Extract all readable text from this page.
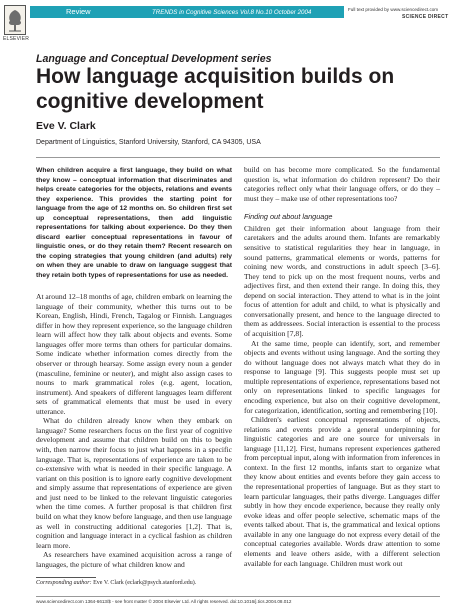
ELSEVIER
Review	TRENDS in Cognitive Sciences Vol.8 No.10 October 2004	Full text provided by www.sciencedirect.com
SCIENCE DIRECT
Language and Conceptual Development series
How language acquisition builds on cognitive development
Eve V. Clark
Department of Linguistics, Stanford University, Stanford, CA 94305, USA
When children acquire a first language, they build on what they know – conceptual information that discriminates and helps create categories for the objects, relations and events they experience. This provides the starting point for language from the age of 12 months on. So children first set up conceptual representations, then add linguistic representations for talking about experience. Do they then discard earlier conceptual representations in favour of linguistic ones, or do they retain them? Recent research on the coping strategies that young children (and adults) rely on when they are unable to draw on language suggest that they retain both types of representations for use as needed.

At around 12–18 months of age, children embark on learning the language of their community, whether this turns out to be Korean, English, Hindi, French, Tagalog or Finnish. Languages differ in how they represent experience, so the language children learn will affect how they talk about objects and events. Some languages offer more terms than others for particular domains. Some indicate whether information comes directly from the observer or through hearsay. Some assign every noun a gender (masculine, feminine or neuter), and might also assign cases to nouns to mark grammatical roles (e.g. agent, location, instrument). And speakers of different languages learn different sets of grammatical elements that must be used in every utterance.

What do children already know when they embark on language? Some researchers focus on the first year of cognitive development and assume that children build on this to begin with, then narrow their focus to just what happens in a specific language. That is, representations of experience are taken to be co-extensive with what is needed in their specific language. A variant on this position is to ignore early cognitive development and simply assume that representations of experience are given and just need to be linked to the relevant linguistic categories when the time comes. A further proposal is that children first build on what they know before language, and then use language as well in constructing additional categories [1,2]. That is, cognition and language interact in a cyclical fashion as children learn more.

As researchers have examined acquisition across a range of languages, the picture of what children know and

build on has become more complicated. So the fundamental question is, what information do children represent? Do their categories reflect only what their language offers, or do they – must they – make use of other representations too?

Finding out about language

Children get their information about language from their caretakers and the adults around them. Infants are remarkably sensitive to statistical regularities they hear in language, in sound patterns, grammatical elements or words, patterns for coining new words, and constructions in adult speech [3–6]. They tend to pick up on the most frequent nouns, verbs and adjectives first, and then extend their range. In doing this, they depend on social interaction. They attend to what is in the joint focus of attention for adult and child, to what is physically and conversationally present, and hence to the language directed to them as addressees. Social interaction is essential to the process of acquisition [7,8].

At the same time, people can identify, sort, and remember objects and events without using language. And the sorting they do without language does not always match what they do in response to language [9]. This suggests people must set up multiple representations of experience, representations based not only on representations linked to specific languages for encoding experience, but also on their cognitive development, for categorization, identification, sorting and remembering [10].

Children's earliest conceptual representations of objects, relations and events provide a general underpinning for linguistic categories and are one source for universals in language [11,12]. First, humans represent experiences gathered from perceptual input, along with information from inferences in context. In the first 12 months, infants start to organize what they know about entities and events before they gain access to the representational properties of language. But as they start to learn particular languages, their paths diverge. Languages differ subtly in how they encode experience, because they really only evoke ideas and offer people selective, schematic maps of the events talked about. That is, the grammatical and lexical options available in any one language do not express every detail of the conceptual categories available. Words draw attention to some elements and leave others aside, with a different selection available for each language. Children must work out

Corresponding author: Eve V. Clark (eclark@psych.stanford.edu).
www.sciencedirect.com 1364-6613/$ - see front matter © 2004 Elsevier Ltd. All rights reserved. doi:10.1016/j.tics.2004.08.012
